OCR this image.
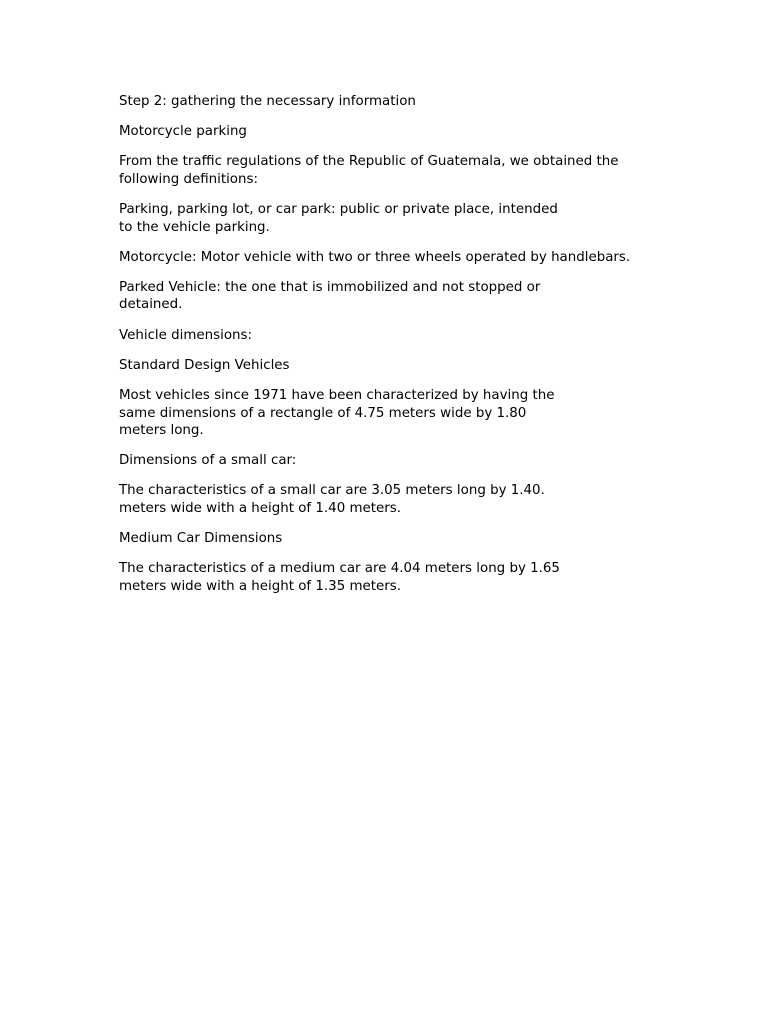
Step 2: gathering the necessary information

Motorcycle parking

From the traffic regulations of the Republic of Guatemala, we obtained the
following definitions:

Parking, parking lot, or car park: public or private place, intended
to the vehicle parking.

Motorcycle: Motor vehicle with two or three wheels operated by handlebars.

Parked Vehicle: the one that is immobilized and not stopped or
detained.

Vehicle dimensions:

Standard Design Vehicles

Most vehicles since 1971 have been characterized by having the
same dimensions of a rectangle of 4.75 meters wide by 1.80
meters long.

Dimensions of a small car:

The characteristics of a small car are 3.05 meters long by 1.40.
meters wide with a height of 1.40 meters.

Medium Car Dimensions

The characteristics of a medium car are 4.04 meters long by 1.65
meters wide with a height of 1.35 meters.
